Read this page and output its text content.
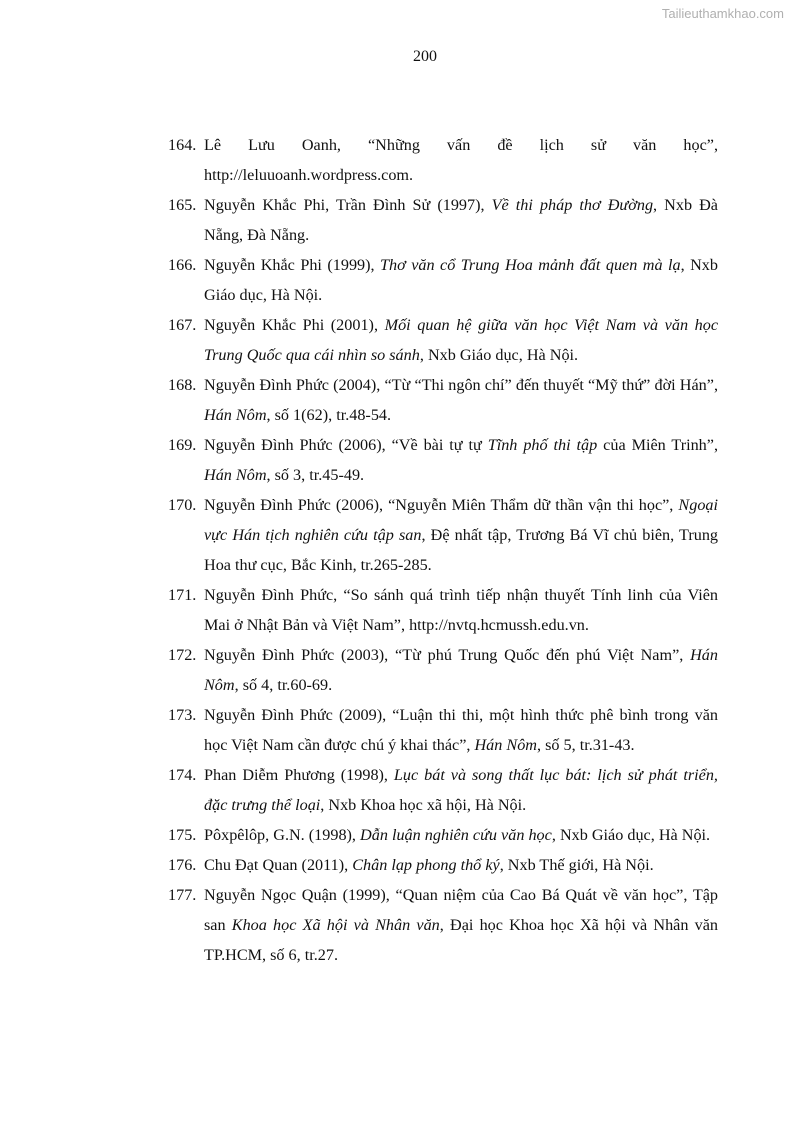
Tailieuthamkhao.com
200
164. Lê Lưu Oanh, “Những vấn đề lịch sử văn học”, http://leluuoanh.wordpress.com.
165. Nguyễn Khắc Phi, Trần Đình Sử (1997), Về thi pháp thơ Đường, Nxb Đà Nẵng, Đà Nẵng.
166. Nguyễn Khắc Phi (1999), Thơ văn cổ Trung Hoa mảnh đất quen mà lạ, Nxb Giáo dục, Hà Nội.
167. Nguyễn Khắc Phi (2001), Mối quan hệ giữa văn học Việt Nam và văn học Trung Quốc qua cái nhìn so sánh, Nxb Giáo dục, Hà Nội.
168. Nguyễn Đình Phức (2004), “Từ “Thi ngôn chí” đến thuyết “Mỹ thứ” đời Hán”, Hán Nôm, số 1(62), tr.48-54.
169. Nguyễn Đình Phức (2006), “Về bài tự tự Tĩnh phố thi tập của Miên Trinh”, Hán Nôm, số 3, tr.45-49.
170. Nguyễn Đình Phức (2006), “Nguyễn Miên Thẩm dữ thần vận thi học”, Ngoại vực Hán tịch nghiên cứu tập san, Đệ nhất tập, Trương Bá Vĩ chủ biên, Trung Hoa thư cục, Bắc Kinh, tr.265-285.
171. Nguyễn Đình Phức, “So sánh quá trình tiếp nhận thuyết Tính linh của Viên Mai ở Nhật Bản và Việt Nam”, http://nvtq.hcmussh.edu.vn.
172. Nguyễn Đình Phức (2003), “Từ phú Trung Quốc đến phú Việt Nam”, Hán Nôm, số 4, tr.60-69.
173. Nguyễn Đình Phức (2009), “Luận thi thi, một hình thức phê bình trong văn học Việt Nam cần được chú ý khai thác”, Hán Nôm, số 5, tr.31-43.
174. Phan Diễm Phương (1998), Lục bát và song thất lục bát: lịch sử phát triển, đặc trưng thể loại, Nxb Khoa học xã hội, Hà Nội.
175. Pôxpêlôp, G.N. (1998), Dẫn luận nghiên cứu văn học, Nxb Giáo dục, Hà Nội.
176. Chu Đạt Quan (2011), Chân lạp phong thổ ký, Nxb Thế giới, Hà Nội.
177. Nguyễn Ngọc Quận (1999), “Quan niệm của Cao Bá Quát về văn học”, Tập san Khoa học Xã hội và Nhân văn, Đại học Khoa học Xã hội và Nhân văn TP.HCM, số 6, tr.27.
